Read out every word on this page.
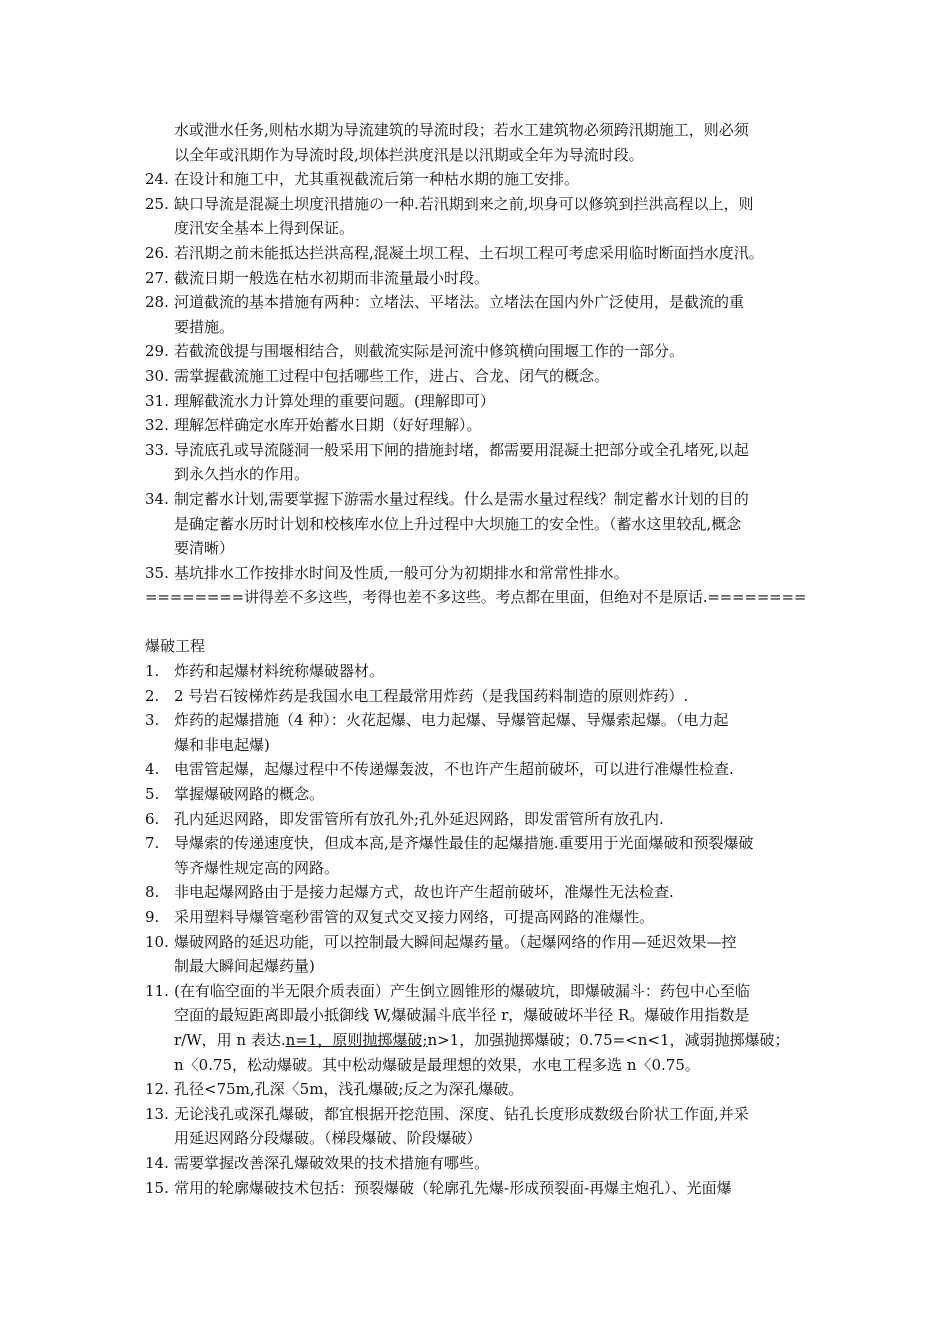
水或泄水任务,则枯水期为导流建筑的导流时段；若水工建筑物必须跨汛期施工，则必须
以全年或汛期作为导流时段,坝体拦洪度汛是以汛期或全年为导流时段。
24. 在设计和施工中，尤其重视截流后第一种枯水期的施工安排。
25. 缺口导流是混凝土坝度汛措施の一种.若汛期到来之前,坝身可以修筑到拦洪高程以上，则
度汛安全基本上得到保证。
26. 若汛期之前未能抵达拦洪高程,混凝土坝工程、土石坝工程可考虑采用临时断面挡水度汛。
27. 截流日期一般选在枯水初期而非流量最小时段。
28. 河道截流的基本措施有两种：立堵法、平堵法。立堵法在国内外广泛使用，是截流的重
要措施。
29. 若截流戗提与围堰相结合，则截流实际是河流中修筑横向围堰工作的一部分。
30. 需掌握截流施工过程中包括哪些工作，进占、合龙、闭气的概念。
31. 理解截流水力计算处理的重要问题。(理解即可）
32. 理解怎样确定水库开始蓄水日期（好好理解）。
33. 导流底孔或导流隧洞一般采用下闸的措施封堵，都需要用混凝土把部分或全孔堵死,以起
到永久挡水的作用。
34. 制定蓄水计划,需要掌握下游需水量过程线。什么是需水量过程线？制定蓄水计划的目的
是确定蓄水历时计划和校核库水位上升过程中大坝施工的安全性。（蓄水这里较乱,概念
要清晰）
35. 基坑排水工作按排水时间及性质,一般可分为初期排水和常常性排水。
========讲得差不多这些，考得也差不多这些。考点都在里面，但绝对不是原话.========
爆破工程
1. 炸药和起爆材料统称爆破器材。
2. 2 号岩石铵梯炸药是我国水电工程最常用炸药（是我国药料制造的原则炸药）.
3. 炸药的起爆措施（4 种）：火花起爆、电力起爆、导爆管起爆、导爆索起爆。（电力起
爆和非电起爆)
4. 电雷管起爆，起爆过程中不传递爆轰波，不也许产生超前破坏，可以进行准爆性检查.
5. 掌握爆破网路的概念。
6. 孔内延迟网路，即发雷管所有放孔外;孔外延迟网路，即发雷管所有放孔内.
7. 导爆索的传递速度快，但成本高,是齐爆性最佳的起爆措施.重要用于光面爆破和预裂爆破
等齐爆性规定高的网路。
8. 非电起爆网路由于是接力起爆方式，故也许产生超前破坏，准爆性无法检查.
9. 采用塑料导爆管毫秒雷管的双复式交叉接力网络，可提高网路的准爆性。
10. 爆破网路的延迟功能，可以控制最大瞬间起爆药量。（起爆网络的作用—延迟效果—控
制最大瞬间起爆药量)
11. (在有临空面的半无限介质表面）产生倒立圆锥形的爆破坑，即爆破漏斗：药包中心至临
空面的最短距离即最小抵御线 W,爆破漏斗底半径 r，爆破破坏半径 R。爆破作用指数是
r/W，用 n 表达.n=1，原则抛掷爆破;n>1，加强抛掷爆破；0.75=<n<1，减弱抛掷爆破；
n〈0.75，松动爆破。其中松动爆破是最理想的效果，水电工程多选 n〈0.75。
12. 孔径<75m,孔深〈5m，浅孔爆破;反之为深孔爆破。
13. 无论浅孔或深孔爆破，都宜根据开挖范围、深度、钻孔长度形成数级台阶状工作面,并采
用延迟网路分段爆破。（梯段爆破、阶段爆破）
14. 需要掌握改善深孔爆破效果的技术措施有哪些。
15. 常用的轮廓爆破技术包括：预裂爆破（轮廓孔先爆-形成预裂面-再爆主炮孔）、光面爆
